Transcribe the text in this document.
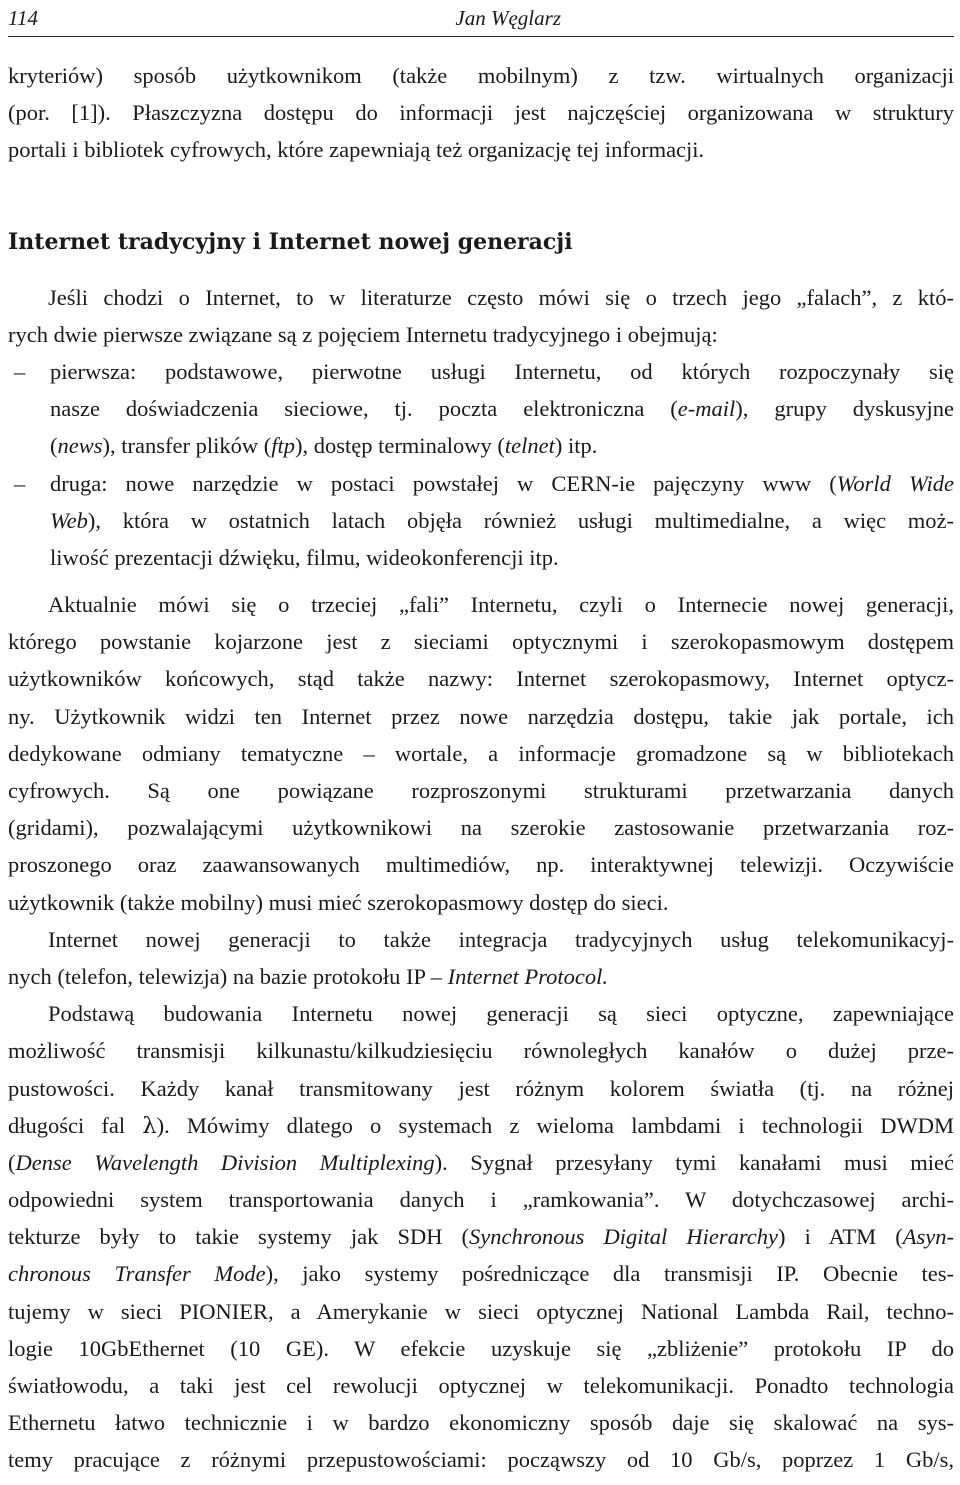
114	Jan Węglarz
kryteriów) sposób użytkownikom (także mobilnym) z tzw. wirtualnych organizacji
(por. [1]). Płaszczyzna dostępu do informacji jest najczęściej organizowana w struktury
portali i bibliotek cyfrowych, które zapewniają też organizację tej informacji.
Internet tradycyjny i Internet nowej generacji
Jeśli chodzi o Internet, to w literaturze często mówi się o trzech jego „falach”, z któ-
rych dwie pierwsze związane są z pojęciem Internetu tradycyjnego i obejmują:
– pierwsza: podstawowe, pierwotne usługi Internetu, od których rozpoczynały się
nasze doświadczenia sieciowe, tj. poczta elektroniczna (e-mail), grupy dyskusyjne
(news), transfer plików (ftp), dostęp terminalowy (telnet) itp.
– druga: nowe narzędzie w postaci powstałej w CERN-ie pajęczyny www (World Wide
Web), która w ostatnich latach objęła również usługi multimedialne, a więc moż-
liwość prezentacji dźwięku, filmu, wideokonferencji itp.
Aktualnie mówi się o trzeciej „fali” Internetu, czyli o Internecie nowej generacji,
którego powstanie kojarzone jest z sieciami optycznymi i szerokopasmowym dostępem
użytkowników końcowych, stąd także nazwy: Internet szerokopasmowy, Internet optycz-
ny. Użytkownik widzi ten Internet przez nowe narzędzia dostępu, takie jak portale, ich
dedykowane odmiany tematyczne – wortale, a informacje gromadzone są w bibliotekach
cyfrowych. Są one powiązane rozproszonymi strukturami przetwarzania danych
(gridami), pozwalającymi użytkownikowi na szerokie zastosowanie przetwarzania roz-
proszonego oraz zaawansowanych multimediów, np. interaktywnej telewizji. Oczywiście
użytkownik (także mobilny) musi mieć szerokopasmowy dostęp do sieci.
Internet nowej generacji to także integracja tradycyjnych usług telekomunikacyj-
nych (telefon, telewizja) na bazie protokołu IP – Internet Protocol.
Podstawą budowania Internetu nowej generacji są sieci optyczne, zapewniające
możliwość transmisji kilkunastu/kilkudziesięciu równoległych kanałów o dużej prze-
pustowości. Każdy kanał transmitowany jest różnym kolorem światła (tj. na różnej
długości fal λ). Mówimy dlatego o systemach z wieloma lambdami i technologii DWDM
(Dense Wavelength Division Multiplexing). Sygnał przesyłany tymi kanałami musi mieć
odpowiedni system transportowania danych i „ramkowania”. W dotychczasowej archi-
tekturze były to takie systemy jak SDH (Synchronous Digital Hierarchy) i ATM (Asyn-
chronous Transfer Mode), jako systemy pośredniczące dla transmisji IP. Obecnie tes-
tujemy w sieci PIONIER, a Amerykanie w sieci optycznej National Lambda Rail, techno-
logie 10GbEthernet (10 GE). W efekcie uzyskuje się „zbliżenie” protokołu IP do
światłowodu, a taki jest cel rewolucji optycznej w telekomunikacji. Ponadto technologia
Ethernetu łatwo technicznie i w bardzo ekonomiczny sposób daje się skalować na sys-
temy pracujące z różnymi przepustowościami: począwszy od 10 Gb/s, poprzez 1 Gb/s,
